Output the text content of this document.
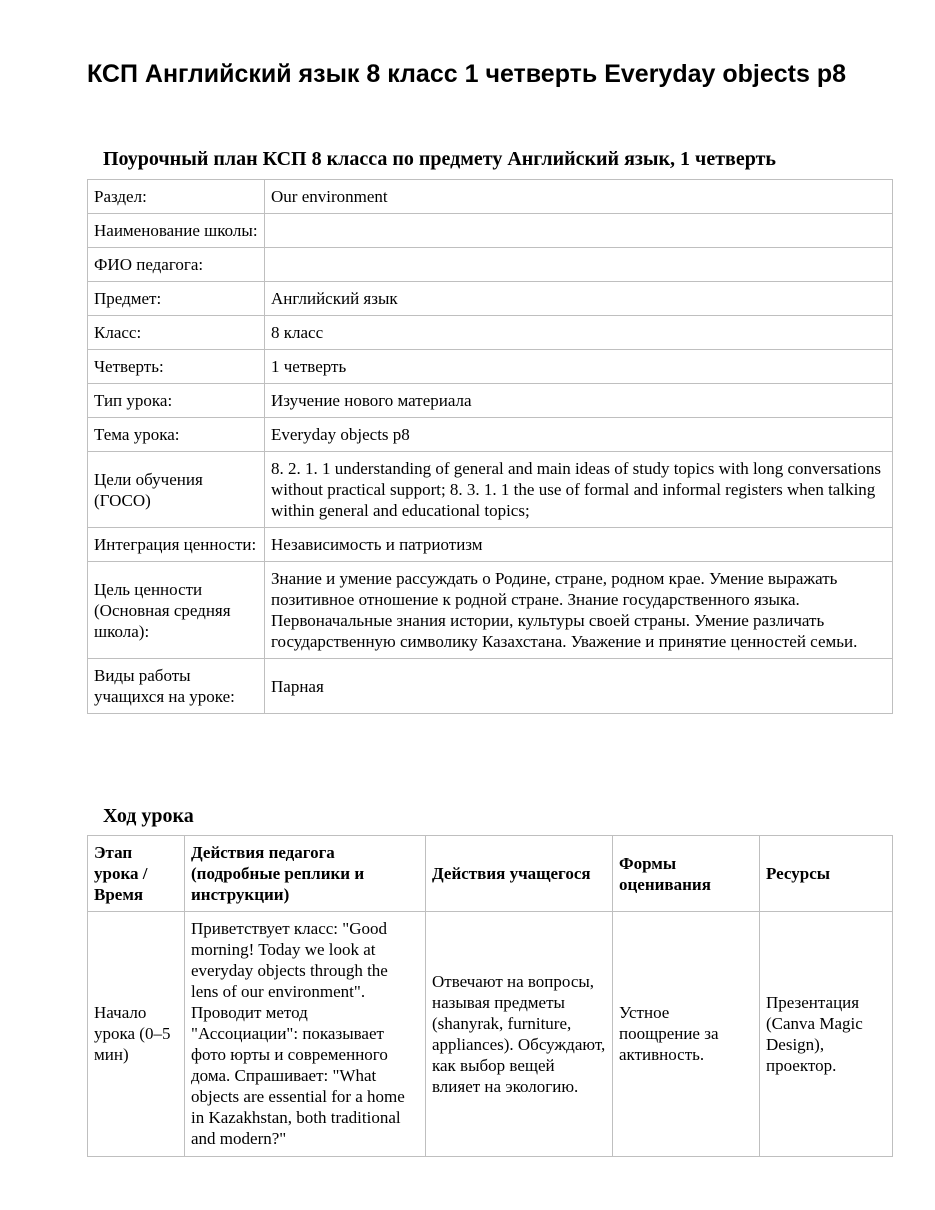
КСП Английский язык 8 класс 1 четверть Everyday objects p8
Поурочный план КСП 8 класса по предмету Английский язык, 1 четверть
Раздел:	Our environment
Наименование школы:	
ФИО педагога:	
Предмет:	Английский язык
Класс:	8 класс
Четверть:	1 четверть
Тип урока:	Изучение нового материала
Тема урока:	Everyday objects p8
Цели обучения (ГОСО)	8. 2. 1. 1 understanding of general and main ideas of study topics with long conversations without practical support; 8. 3. 1. 1 the use of formal and informal registers when talking within general and educational topics;
Интеграция ценности:	Независимость и патриотизм
Цель ценности (Основная средняя школа):	Знание и умение рассуждать о Родине, стране, родном крае. Умение выражать позитивное отношение к родной стране. Знание государственного языка. Первоначальные знания истории, культуры своей страны. Умение различать государственную символику Казахстана. Уважение и принятие ценностей семьи.
Виды работы учащихся на уроке:	Парная
Ход урока
Этап урока / Время	Действия педагога (подробные реплики и инструкции)	Действия учащегося	Формы оценивания	Ресурсы
Начало урока (0–5 мин)	Приветствует класс: "Good morning! Today we look at everyday objects through the lens of our environment". Проводит метод "Ассоциации": показывает фото юрты и современного дома. Спрашивает: "What objects are essential for a home in Kazakhstan, both traditional and modern?"	Отвечают на вопросы, называя предметы (shanyrak, furniture, appliances). Обсуждают, как выбор вещей влияет на экологию.	Устное поощрение за активность.	Презентация (Canva Magic Design), проектор.
